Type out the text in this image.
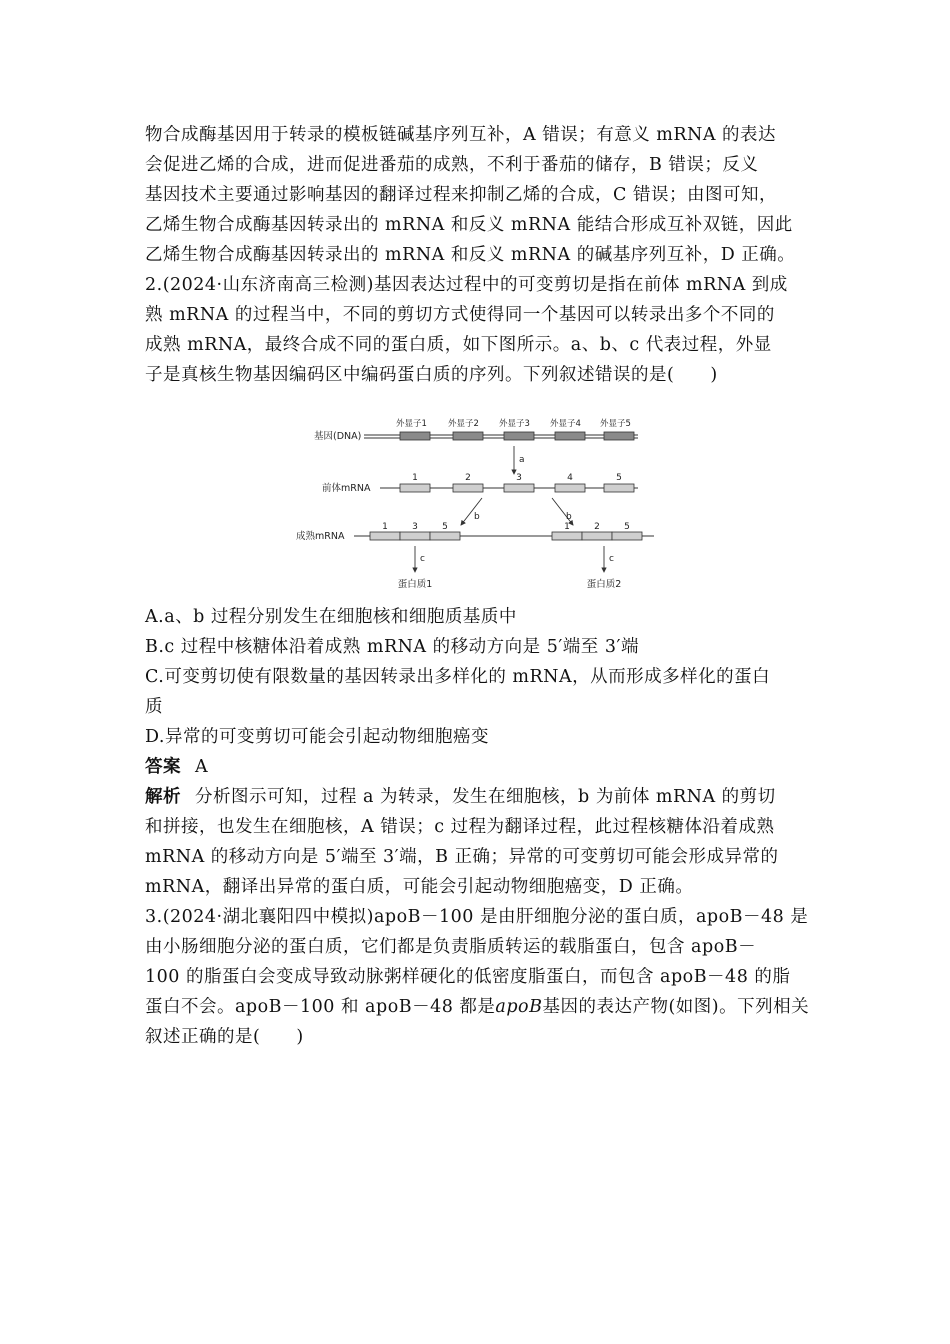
物合成酶基因用于转录的模板链碱基序列互补，A 错误；有意义 mRNA 的表达

会促进乙烯的合成，进而促进番茄的成熟，不利于番茄的储存，B 错误；反义

基因技术主要通过影响基因的翻译过程来抑制乙烯的合成，C 错误；由图可知，

乙烯生物合成酶基因转录出的 mRNA 和反义 mRNA 能结合形成互补双链，因此

乙烯生物合成酶基因转录出的 mRNA 和反义 mRNA 的碱基序列互补，D 正确。

2.(2024·山东济南高三检测)基因表达过程中的可变剪切是指在前体 mRNA 到成

熟 mRNA 的过程当中，不同的剪切方式使得同一个基因可以转录出多个不同的

成熟 mRNA，最终合成不同的蛋白质，如下图所示。a、b、c 代表过程，外显

子是真核生物基因编码区中编码蛋白质的序列。下列叙述错误的是(　　)

A.a、b 过程分别发生在细胞核和细胞质基质中

B.c 过程中核糖体沿着成熟 mRNA 的移动方向是 5′端至 3′端

C.可变剪切使有限数量的基因转录出多样化的 mRNA，从而形成多样化的蛋白

质

D.异常的可变剪切可能会引起动物细胞癌变

答案 A

解析 分析图示可知，过程 a 为转录，发生在细胞核，b 为前体 mRNA 的剪切

和拼接，也发生在细胞核，A 错误；c 过程为翻译过程，此过程核糖体沿着成熟

mRNA 的移动方向是 5′端至 3′端，B 正确；异常的可变剪切可能会形成异常的

mRNA，翻译出异常的蛋白质，可能会引起动物细胞癌变，D 正确。

3.(2024·湖北襄阳四中模拟)apoB－100 是由肝细胞分泌的蛋白质，apoB－48 是

由小肠细胞分泌的蛋白质，它们都是负责脂质转运的载脂蛋白，包含 apoB－

100 的脂蛋白会变成导致动脉粥样硬化的低密度脂蛋白，而包含 apoB－48 的脂

蛋白不会。apoB－100 和 apoB－48 都是apoB基因的表达产物(如图)。下列相关

叙述正确的是(　　)

基因(DNA)
外显子1 外显子2 外显子3 外显子4 外显子5
a
前体mRNA
1	2	3	4	5
b	b
成熟mRNA
1	3	5	1	2	5
c	c
蛋白质1	蛋白质2
